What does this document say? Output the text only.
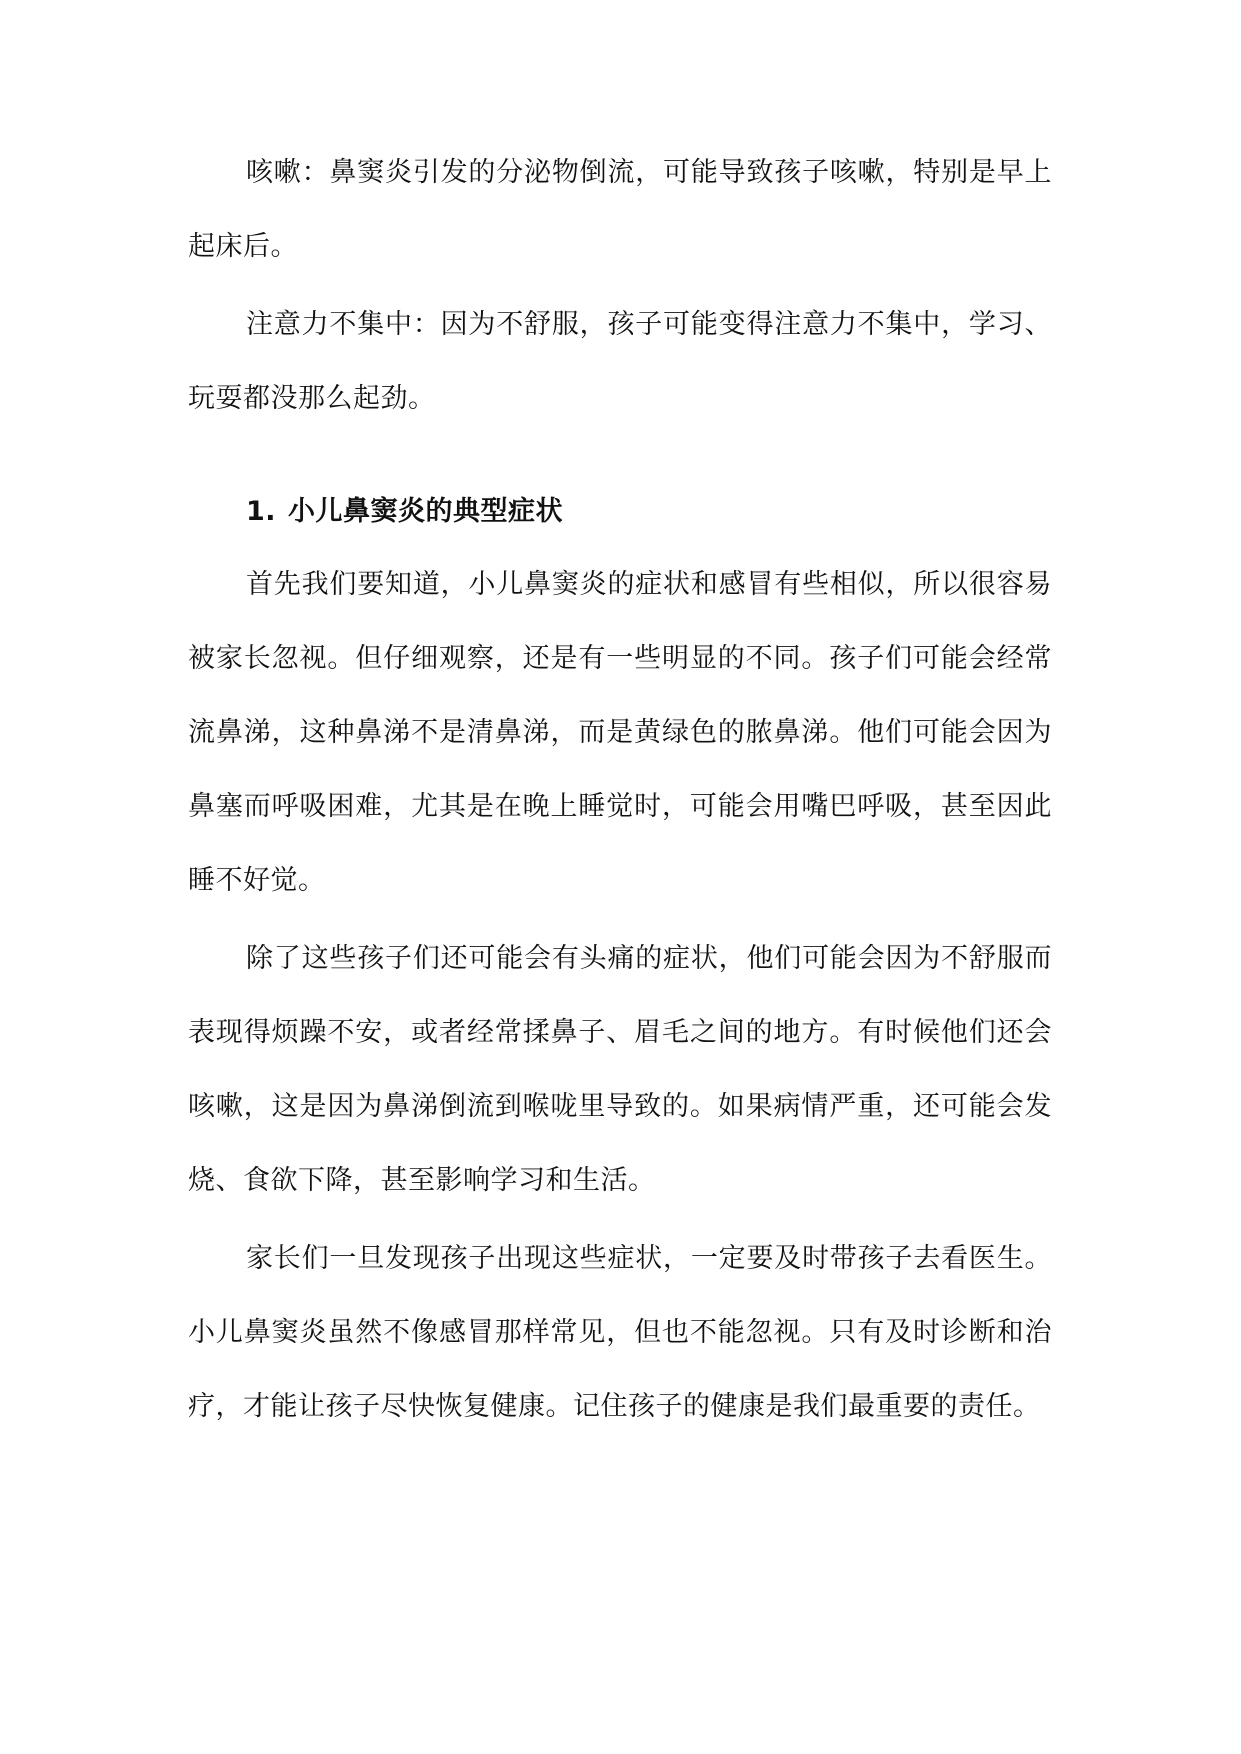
咳嗽：鼻窦炎引发的分泌物倒流，可能导致孩子咳嗽，特别是早上起床后。

注意力不集中：因为不舒服，孩子可能变得注意力不集中，学习、玩耍都没那么起劲。

1. 小儿鼻窦炎的典型症状

首先我们要知道，小儿鼻窦炎的症状和感冒有些相似，所以很容易被家长忽视。但仔细观察，还是有一些明显的不同。孩子们可能会经常流鼻涕，这种鼻涕不是清鼻涕，而是黄绿色的脓鼻涕。他们可能会因为鼻塞而呼吸困难，尤其是在晚上睡觉时，可能会用嘴巴呼吸，甚至因此睡不好觉。

除了这些孩子们还可能会有头痛的症状，他们可能会因为不舒服而表现得烦躁不安，或者经常揉鼻子、眉毛之间的地方。有时候他们还会咳嗽，这是因为鼻涕倒流到喉咙里导致的。如果病情严重，还可能会发烧、食欲下降，甚至影响学习和生活。

家长们一旦发现孩子出现这些症状，一定要及时带孩子去看医生。小儿鼻窦炎虽然不像感冒那样常见，但也不能忽视。只有及时诊断和治疗，才能让孩子尽快恢复健康。记住孩子的健康是我们最重要的责任。
